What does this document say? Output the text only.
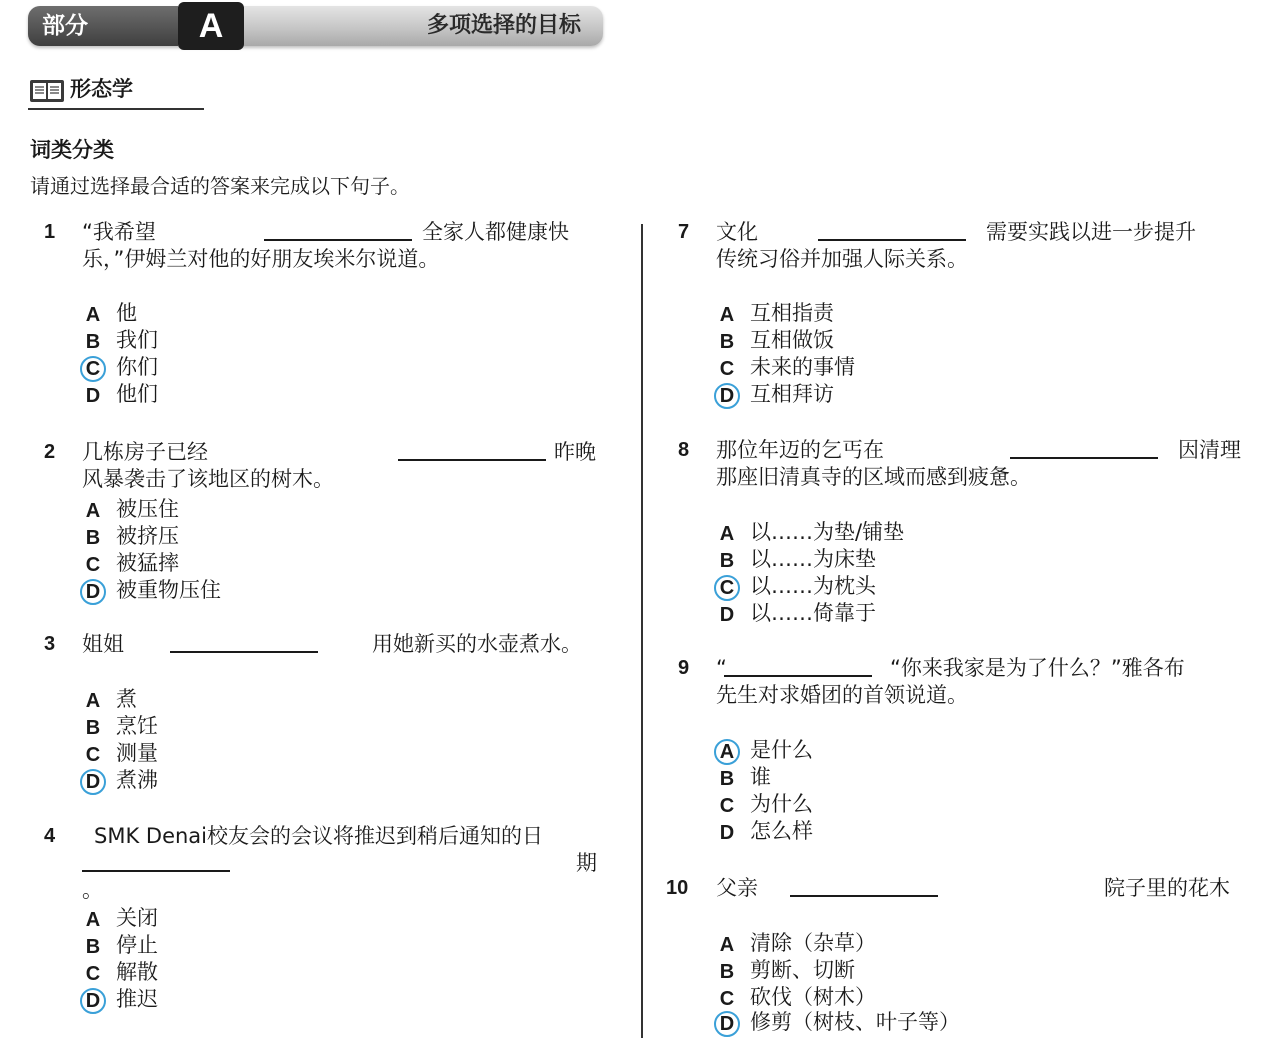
部分	A	多项选择的目标
形态学
词类分类
请通过选择最合适的答案来完成以下句子。
1 “我希望	全家人都健康快
乐，”伊姆兰对他的好朋友埃米尔说道。
A 他
B 我们
C 你们
D 他们
2 几栋房子已经	昨晚
风暴袭击了该地区的树木。
A 被压住
B 被挤压
C 被猛摔
D 被重物压住
3 姐姐	用她新买的水壶煮水。
A 煮
B 烹饪
C 测量
D 煮沸
4 SMK Denai校友会的会议将推迟到稍后通知的日
期
。
A 关闭
B 停止
C 解散
D 推迟
7 文化	需要实践以进一步提升
传统习俗并加强人际关系。
A 互相指责
B 互相做饭
C 未来的事情
D 互相拜访
8 那位年迈的乞丐在	因清理
那座旧清真寺的区域而感到疲惫。
A 以……为垫/铺垫
B 以……为床垫
C 以……为枕头
D 以……倚靠于
9 “	“你来我家是为了什么？”雅各布
先生对求婚团的首领说道。
A 是什么
B 谁
C 为什么
D 怎么样
10 父亲	院子里的花木
A 清除（杂草）
B 剪断、切断
C 砍伐（树木）
D 修剪（树枝、叶子等）
